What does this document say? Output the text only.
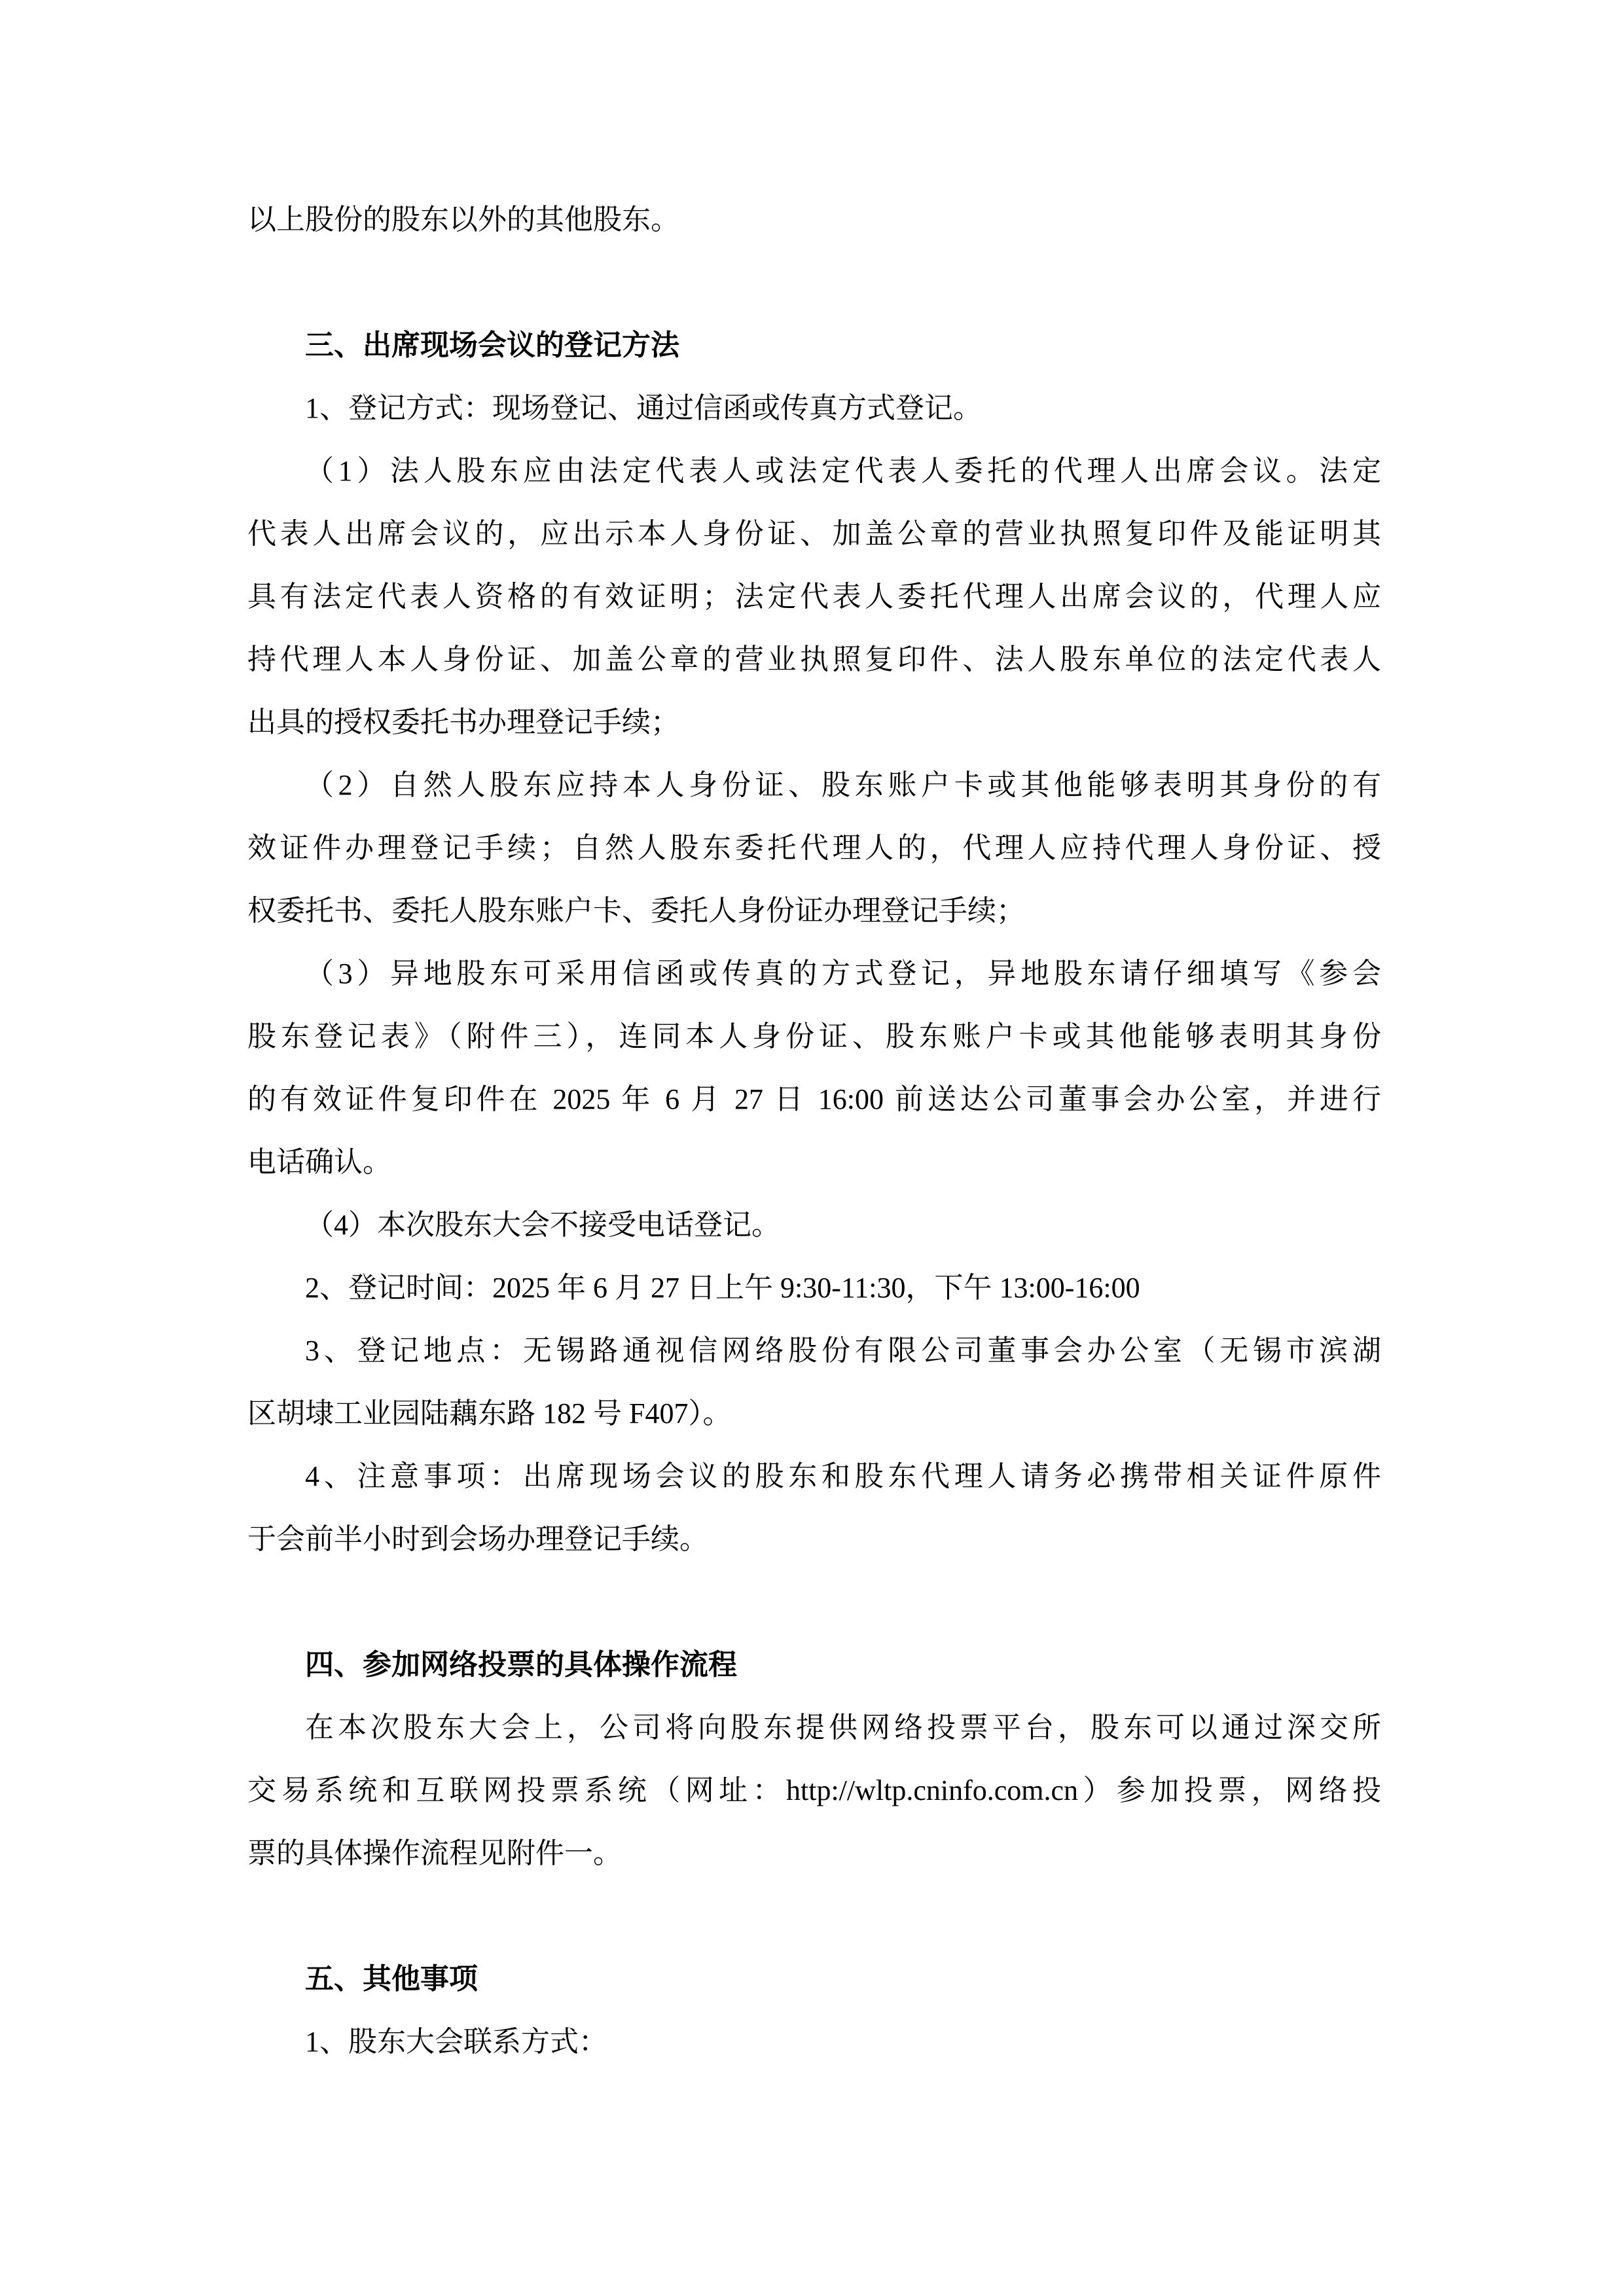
以上股份的股东以外的其他股东。
三、出席现场会议的登记方法
1、登记方式：现场登记、通过信函或传真方式登记。
（1）法人股东应由法定代表人或法定代表人委托的代理人出席会议。法定
代表人出席会议的，应出示本人身份证、加盖公章的营业执照复印件及能证明其
具有法定代表人资格的有效证明；法定代表人委托代理人出席会议的，代理人应
持代理人本人身份证、加盖公章的营业执照复印件、法人股东单位的法定代表人
出具的授权委托书办理登记手续；
（2）自然人股东应持本人身份证、股东账户卡或其他能够表明其身份的有
效证件办理登记手续；自然人股东委托代理人的，代理人应持代理人身份证、授
权委托书、委托人股东账户卡、委托人身份证办理登记手续；
（3）异地股东可采用信函或传真的方式登记，异地股东请仔细填写《参会
股东登记表》（附件三），连同本人身份证、股东账户卡或其他能够表明其身份
的有效证件复印件在 2025 年 6 月 27 日 16:00 前送达公司董事会办公室，并进行
电话确认。
（4）本次股东大会不接受电话登记。
2、登记时间：2025 年 6 月 27 日上午 9:30-11:30，下午 13:00-16:00
3、登记地点：无锡路通视信网络股份有限公司董事会办公室（无锡市滨湖
区胡埭工业园陆藕东路 182 号 F407）。
4、注意事项：出席现场会议的股东和股东代理人请务必携带相关证件原件
于会前半小时到会场办理登记手续。
四、参加网络投票的具体操作流程
在本次股东大会上，公司将向股东提供网络投票平台，股东可以通过深交所
交易系统和互联网投票系统（网址：http://wltp.cninfo.com.cn）参加投票，网络投
票的具体操作流程见附件一。
五、其他事项
1、股东大会联系方式：
